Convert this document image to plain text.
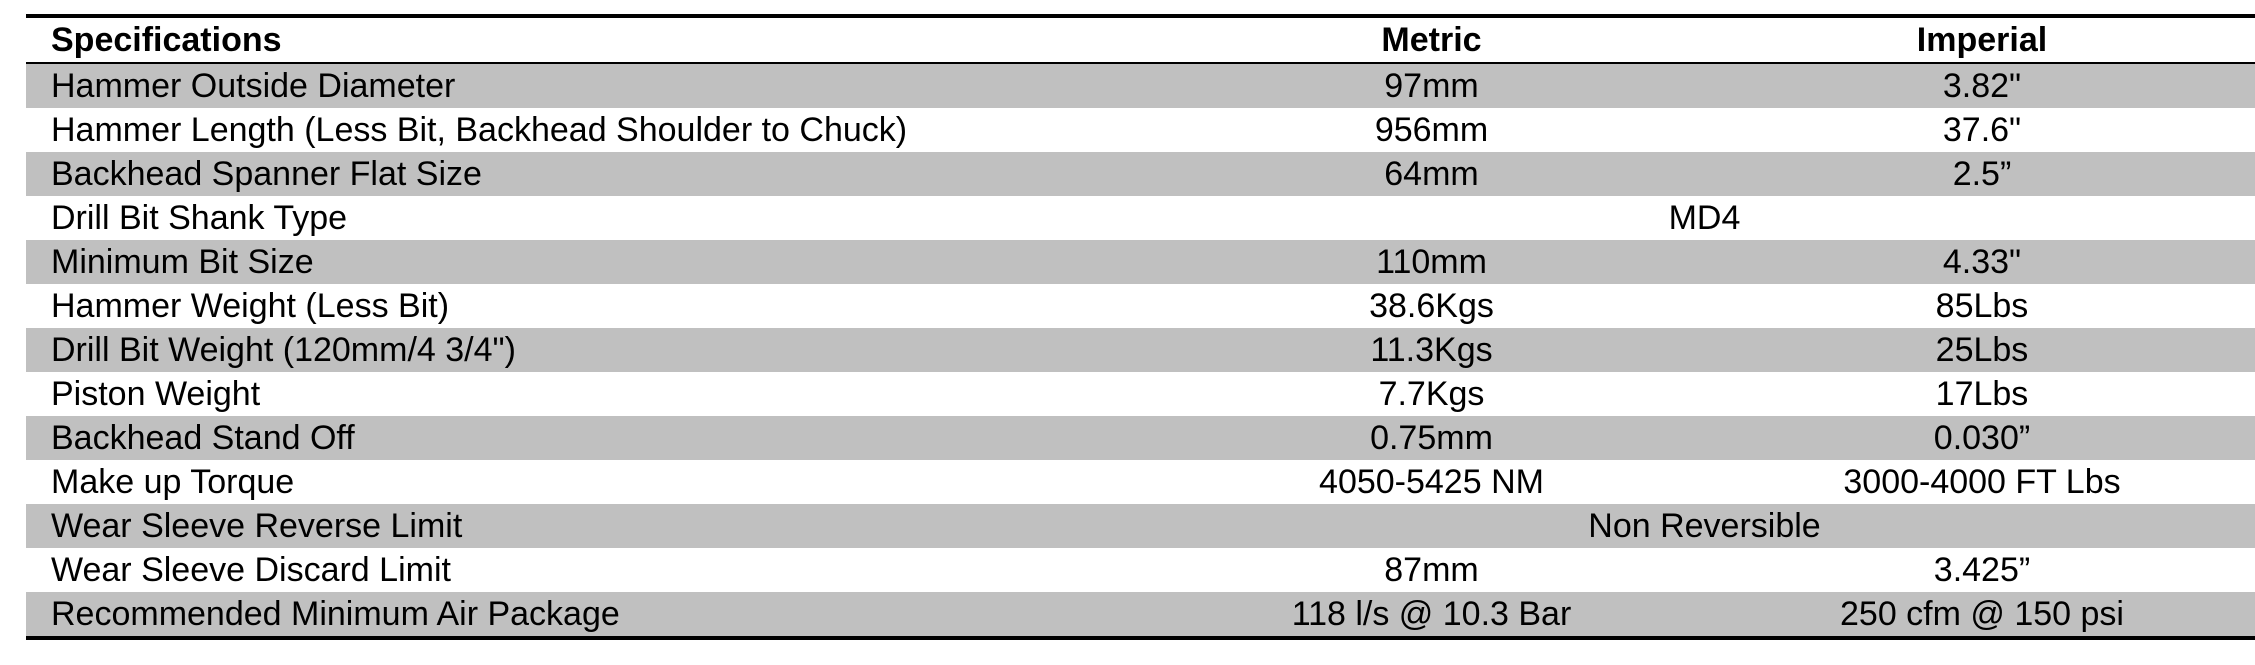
Specifications	Metric	Imperial
Hammer Outside Diameter	97mm	3.82"
Hammer Length (Less Bit, Backhead Shoulder to Chuck)	956mm	37.6"
Backhead Spanner Flat Size	64mm	2.5”
Drill Bit Shank Type	MD4	
Minimum Bit Size	110mm	4.33"
Hammer Weight (Less Bit)	38.6Kgs	85Lbs
Drill Bit Weight (120mm/4 3/4")	11.3Kgs	25Lbs
Piston Weight	7.7Kgs	17Lbs
Backhead Stand Off	0.75mm	0.030”
Make up Torque	4050-5425 NM	3000-4000 FT Lbs
Wear Sleeve Reverse Limit	Non Reversible	
Wear Sleeve Discard Limit	87mm	3.425”
Recommended Minimum Air Package	118 l/s @ 10.3 Bar	250 cfm @ 150 psi
